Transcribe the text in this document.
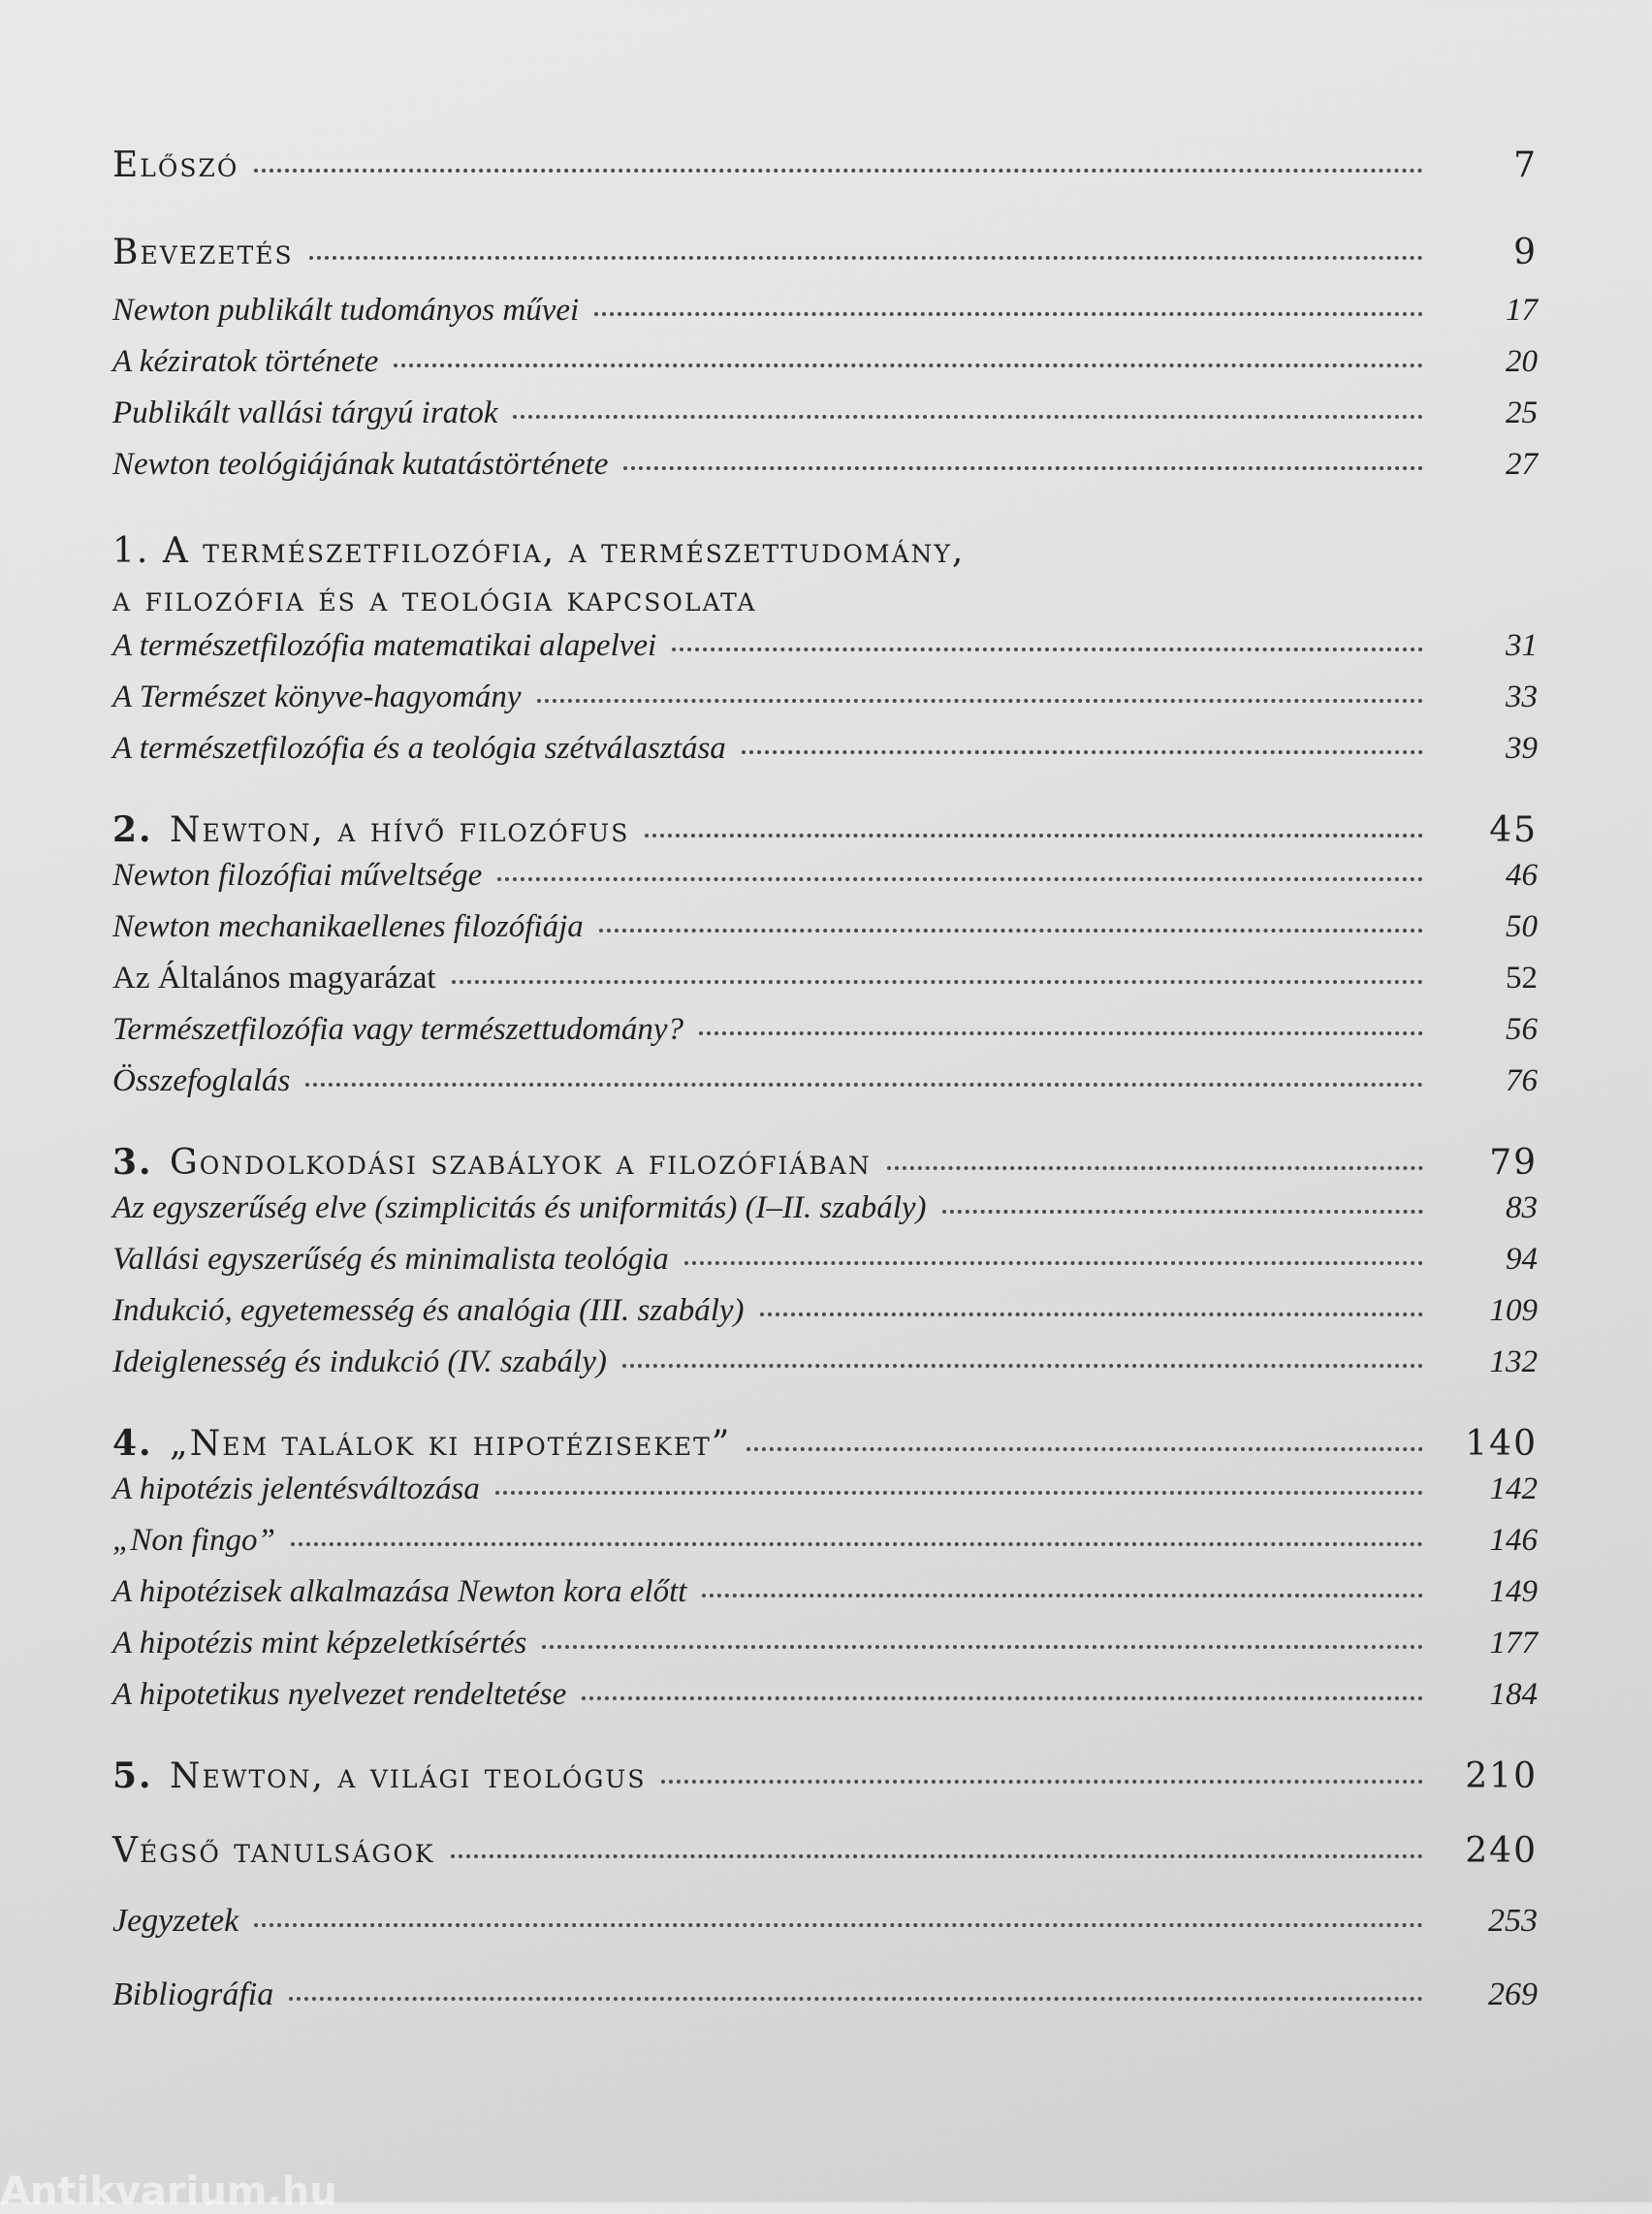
Előszó	7
Bevezetés	9
Newton publikált tudományos művei	17
A kéziratok története	20
Publikált vallási tárgyú iratok	25
Newton teológiájának kutatástörténete	27
1. A természetfilozófia, a természettudomány,
a filozófia és a teológia kapcsolata
A természetfilozófia matematikai alapelvei	31
A Természet könyve-hagyomány	33
A természetfilozófia és a teológia szétválasztása	39
2. Newton, a hívő filozófus	45
Newton filozófiai műveltsége	46
Newton mechanikaellenes filozófiája	50
Az Általános magyarázat	52
Természetfilozófia vagy természettudomány?	56
Összefoglalás	76
3. Gondolkodási szabályok a filozófiában	79
Az egyszerűség elve (szimplicitás és uniformitás) (I–II. szabály)	83
Vallási egyszerűség és minimalista teológia	94
Indukció, egyetemesség és analógia (III. szabály)	109
Ideiglenesség és indukció (IV. szabály)	132
4. „Nem találok ki hipotéziseket”	140
A hipotézis jelentésváltozása	142
„Non fingo”	146
A hipotézisek alkalmazása Newton kora előtt	149
A hipotézis mint képzeletkísértés	177
A hipotetikus nyelvezet rendeltetése	184
5. Newton, a világi teológus	210
Végső tanulságok	240
Jegyzetek	253
Bibliográfia	269
Antikvarium.hu
